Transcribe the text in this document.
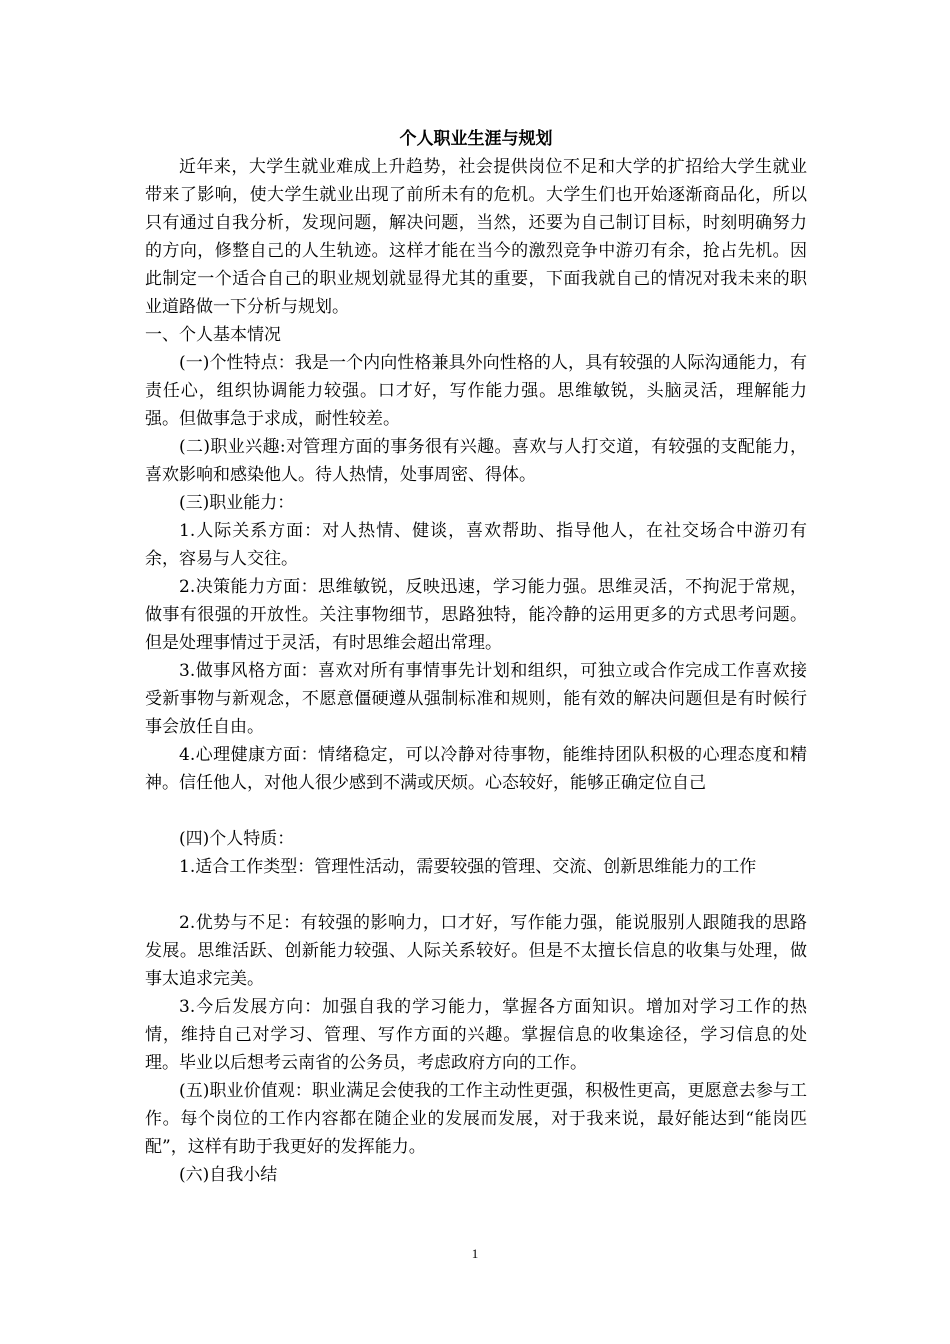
个人职业生涯与规划

近年来，大学生就业难成上升趋势，社会提供岗位不足和大学的扩招给大学生就业带来了影响，使大学生就业出现了前所未有的危机。大学生们也开始逐渐商品化，所以只有通过自我分析，发现问题，解决问题，当然，还要为自己制订目标，时刻明确努力的方向，修整自己的人生轨迹。这样才能在当今的激烈竞争中游刃有余，抢占先机。因此制定一个适合自己的职业规划就显得尤其的重要，下面我就自己的情况对我未来的职业道路做一下分析与规划。

一、个人基本情况

(一)个性特点：我是一个内向性格兼具外向性格的人，具有较强的人际沟通能力，有责任心，组织协调能力较强。口才好，写作能力强。思维敏锐，头脑灵活，理解能力强。但做事急于求成，耐性较差。

(二)职业兴趣:对管理方面的事务很有兴趣。喜欢与人打交道，有较强的支配能力，喜欢影响和感染他人。待人热情，处事周密、得体。

(三)职业能力：

1.人际关系方面：对人热情、健谈，喜欢帮助、指导他人，在社交场合中游刃有余，容易与人交往。

2.决策能力方面：思维敏锐，反映迅速，学习能力强。思维灵活，不拘泥于常规，做事有很强的开放性。关注事物细节，思路独特，能冷静的运用更多的方式思考问题。但是处理事情过于灵活，有时思维会超出常理。

3.做事风格方面：喜欢对所有事情事先计划和组织，可独立或合作完成工作喜欢接受新事物与新观念，不愿意僵硬遵从强制标准和规则，能有效的解决问题但是有时候行事会放任自由。

4.心理健康方面：情绪稳定，可以冷静对待事物，能维持团队积极的心理态度和精神。信任他人，对他人很少感到不满或厌烦。心态较好，能够正确定位自己

(四)个人特质：

1.适合工作类型：管理性活动，需要较强的管理、交流、创新思维能力的工作

2.优势与不足：有较强的影响力，口才好，写作能力强，能说服别人跟随我的思路发展。思维活跃、创新能力较强、人际关系较好。但是不太擅长信息的收集与处理，做事太追求完美。

3.今后发展方向：加强自我的学习能力，掌握各方面知识。增加对学习工作的热情，维持自己对学习、管理、写作方面的兴趣。掌握信息的收集途径，学习信息的处理。毕业以后想考云南省的公务员，考虑政府方向的工作。

(五)职业价值观：职业满足会使我的工作主动性更强，积极性更高，更愿意去参与工作。每个岗位的工作内容都在随企业的发展而发展，对于我来说，最好能达到“能岗匹配”，这样有助于我更好的发挥能力。

(六)自我小结

1
